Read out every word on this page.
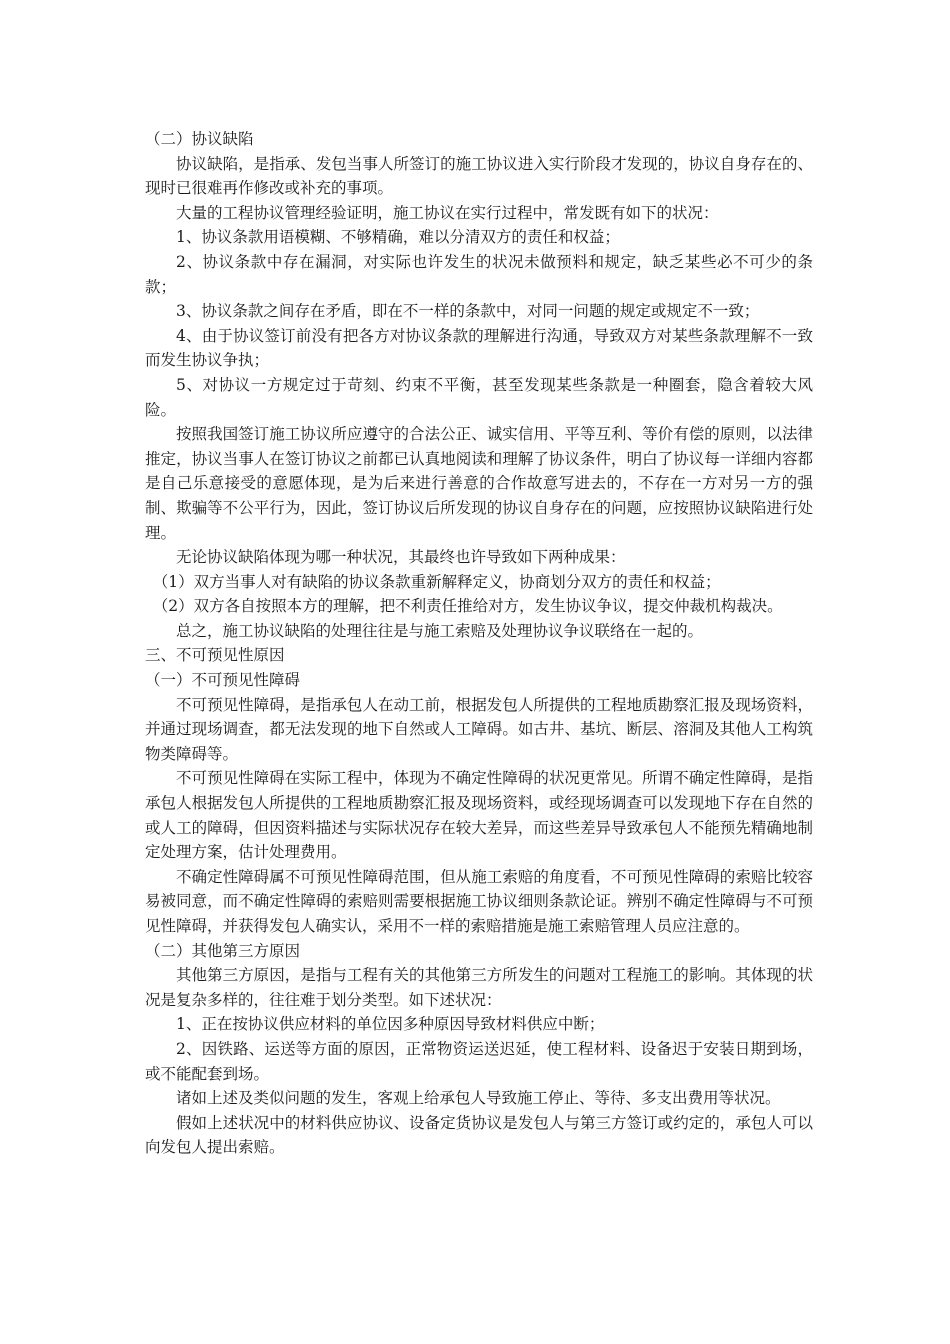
（二）协议缺陷

协议缺陷，是指承、发包当事人所签订的施工协议进入实行阶段才发现的，协议自身存在的、现时已很难再作修改或补充的事项。

大量的工程协议管理经验证明，施工协议在实行过程中，常发既有如下的状况：

1、协议条款用语模糊、不够精确，难以分清双方的责任和权益；

2、协议条款中存在漏洞，对实际也许发生的状况未做预料和规定，缺乏某些必不可少的条款；

3、协议条款之间存在矛盾，即在不一样的条款中，对同一问题的规定或规定不一致；

4、由于协议签订前没有把各方对协议条款的理解进行沟通，导致双方对某些条款理解不一致而发生协议争执；

5、对协议一方规定过于苛刻、约束不平衡，甚至发现某些条款是一种圈套，隐含着较大风险。

按照我国签订施工协议所应遵守的合法公正、诚实信用、平等互利、等价有偿的原则，以法律推定，协议当事人在签订协议之前都已认真地阅读和理解了协议条件，明白了协议每一详细内容都是自己乐意接受的意愿体现，是为后来进行善意的合作故意写进去的，不存在一方对另一方的强制、欺骗等不公平行为，因此，签订协议后所发现的协议自身存在的问题，应按照协议缺陷进行处理。

无论协议缺陷体现为哪一种状况，其最终也许导致如下两种成果：

（1）双方当事人对有缺陷的协议条款重新解释定义，协商划分双方的责任和权益；

（2）双方各自按照本方的理解，把不利责任推给对方，发生协议争议，提交仲裁机构裁决。

总之，施工协议缺陷的处理往往是与施工索赔及处理协议争议联络在一起的。

三、不可预见性原因

（一）不可预见性障碍

不可预见性障碍，是指承包人在动工前，根据发包人所提供的工程地质勘察汇报及现场资料，并通过现场调查，都无法发现的地下自然或人工障碍。如古井、基坑、断层、溶洞及其他人工构筑物类障碍等。

不可预见性障碍在实际工程中，体现为不确定性障碍的状况更常见。所谓不确定性障碍，是指承包人根据发包人所提供的工程地质勘察汇报及现场资料，或经现场调查可以发现地下存在自然的或人工的障碍，但因资料描述与实际状况存在较大差异，而这些差异导致承包人不能预先精确地制定处理方案，估计处理费用。

不确定性障碍属不可预见性障碍范围，但从施工索赔的角度看，不可预见性障碍的索赔比较容易被同意，而不确定性障碍的索赔则需要根据施工协议细则条款论证。辨别不确定性障碍与不可预见性障碍，并获得发包人确实认，采用不一样的索赔措施是施工索赔管理人员应注意的。

（二）其他第三方原因

其他第三方原因，是指与工程有关的其他第三方所发生的问题对工程施工的影响。其体现的状况是复杂多样的，往往难于划分类型。如下述状况：

1、正在按协议供应材料的单位因多种原因导致材料供应中断；

2、因铁路、运送等方面的原因，正常物资运送迟延，使工程材料、设备迟于安装日期到场，或不能配套到场。

诸如上述及类似问题的发生，客观上给承包人导致施工停止、等待、多支出费用等状况。

假如上述状况中的材料供应协议、设备定货协议是发包人与第三方签订或约定的，承包人可以向发包人提出索赔。
